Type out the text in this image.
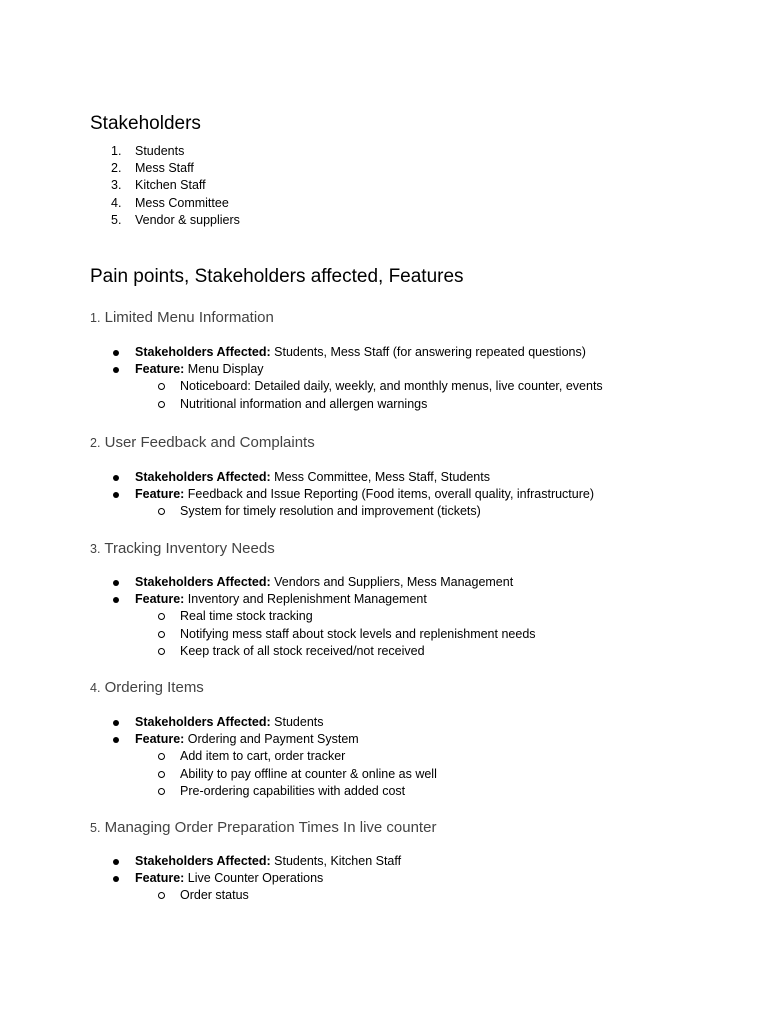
Stakeholders
1. Students
2. Mess Staff
3. Kitchen Staff
4. Mess Committee
5. Vendor & suppliers
Pain points, Stakeholders affected, Features
1. Limited Menu Information
Stakeholders Affected: Students, Mess Staff (for answering repeated questions)
Feature: Menu Display
Noticeboard: Detailed daily, weekly, and monthly menus, live counter, events
Nutritional information and allergen warnings
2. User Feedback and Complaints
Stakeholders Affected: Mess Committee, Mess Staff, Students
Feature: Feedback and Issue Reporting (Food items, overall quality, infrastructure)
System for timely resolution and improvement (tickets)
3. Tracking Inventory Needs
Stakeholders Affected: Vendors and Suppliers, Mess Management
Feature: Inventory and Replenishment Management
Real time stock tracking
Notifying mess staff about stock levels and replenishment needs
Keep track of all stock received/not received
4. Ordering Items
Stakeholders Affected: Students
Feature: Ordering and Payment System
Add item to cart, order tracker
Ability to pay offline at counter & online as well
Pre-ordering capabilities with added cost
5. Managing Order Preparation Times In live counter
Stakeholders Affected: Students, Kitchen Staff
Feature: Live Counter Operations
Order status
